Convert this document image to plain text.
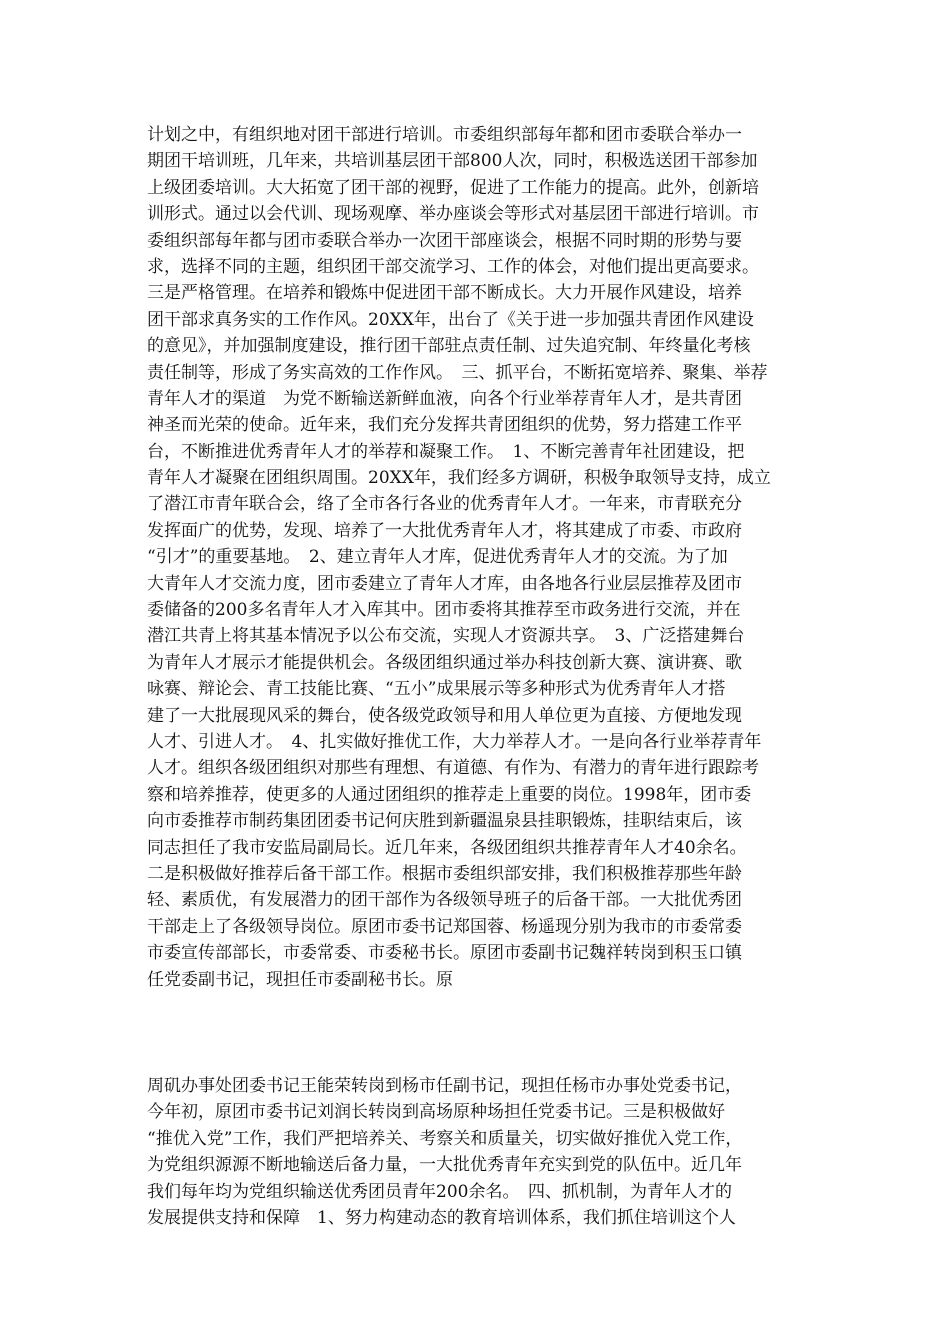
计划之中，有组织地对团干部进行培训。市委组织部每年都和团市委联合举办一
期团干培训班，几年来，共培训基层团干部800人次，同时，积极选送团干部参加
上级团委培训。大大拓宽了团干部的视野，促进了工作能力的提高。此外，创新培
训形式。通过以会代训、现场观摩、举办座谈会等形式对基层团干部进行培训。市
委组织部每年都与团市委联合举办一次团干部座谈会，根据不同时期的形势与要
求，选择不同的主题，组织团干部交流学习、工作的体会，对他们提出更高要求。
三是严格管理。在培养和锻炼中促进团干部不断成长。大力开展作风建设，培养
团干部求真务实的工作作风。20XX年，出台了《关于进一步加强共青团作风建设
的意见》，并加强制度建设，推行团干部驻点责任制、过失追究制、年终量化考核
责任制等，形成了务实高效的工作作风。　三、抓平台，不断拓宽培养、聚集、举荐
青年人才的渠道　为党不断输送新鲜血液，向各个行业举荐青年人才，是共青团
神圣而光荣的使命。近年来，我们充分发挥共青团组织的优势，努力搭建工作平
台，不断推进优秀青年人才的举荐和凝聚工作。　1、不断完善青年社团建设，把
青年人才凝聚在团组织周围。20XX年，我们经多方调研，积极争取领导支持，成立
了潜江市青年联合会，络了全市各行各业的优秀青年人才。一年来，市青联充分
发挥面广的优势，发现、培养了一大批优秀青年人才，将其建成了市委、市政府
“引才”的重要基地。　2、建立青年人才库，促进优秀青年人才的交流。为了加
大青年人才交流力度，团市委建立了青年人才库，由各地各行业层层推荐及团市
委储备的200多名青年人才入库其中。团市委将其推荐至市政务进行交流，并在
潜江共青上将其基本情况予以公布交流，实现人才资源共享。　3、广泛搭建舞台
为青年人才展示才能提供机会。各级团组织通过举办科技创新大赛、演讲赛、歌
咏赛、辩论会、青工技能比赛、“五小”成果展示等多种形式为优秀青年人才搭
建了一大批展现风采的舞台，使各级党政领导和用人单位更为直接、方便地发现
人才、引进人才。　4、扎实做好推优工作，大力举荐人才。一是向各行业举荐青年
人才。组织各级团组织对那些有理想、有道德、有作为、有潜力的青年进行跟踪考
察和培养推荐，使更多的人通过团组织的推荐走上重要的岗位。1998年，团市委
向市委推荐市制药集团团委书记何庆胜到新疆温泉县挂职锻炼，挂职结束后，该
同志担任了我市安监局副局长。近几年来，各级团组织共推荐青年人才40余名。
二是积极做好推荐后备干部工作。根据市委组织部安排，我们积极推荐那些年龄
轻、素质优，有发展潜力的团干部作为各级领导班子的后备干部。一大批优秀团
干部走上了各级领导岗位。原团市委书记郑国蓉、杨遥现分别为我市的市委常委
市委宣传部部长，市委常委、市委秘书长。原团市委副书记魏祥转岗到积玉口镇
任党委副书记，现担任市委副秘书长。原
周矶办事处团委书记王能荣转岗到杨市任副书记，现担任杨市办事处党委书记，
今年初，原团市委书记刘润长转岗到高场原种场担任党委书记。三是积极做好
“推优入党”工作，我们严把培养关、考察关和质量关，切实做好推优入党工作，
为党组织源源不断地输送后备力量，一大批优秀青年充实到党的队伍中。近几年
我们每年均为党组织输送优秀团员青年200余名。　四、抓机制，为青年人才的
发展提供支持和保障　1、努力构建动态的教育培训体系，我们抓住培训这个人
